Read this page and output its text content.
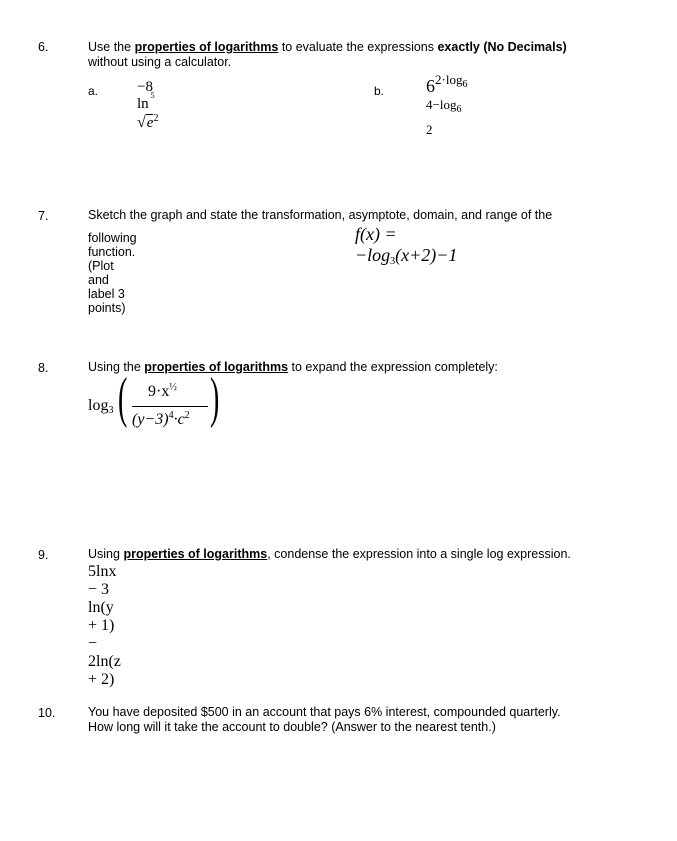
6.	Use the properties of logarithms to evaluate the expressions exactly (No Decimals)
without using a calculator.
a.	−8 ln
5
$√e^2$
b. $6^{2\cdot log_6 4-log_6 2}$
7.	Sketch the graph and state the transformation, asymptote, domain, and range of the
following function. (Plot and label 3 points)
$f(x) = -\log_3(x+2)-1$
8.	Using the properties of logarithms to expand the expression completely:
$\log_3$ ( )
$9\cdot x^{\frac{1}{2}}$
$(y-3)^4\cdot c^2$
9.	Using properties of logarithms, condense the expression into a single log expression.
5lnx − 3 ln(y + 1) − 2ln(z + 2)
10.	You have deposited $500 in an account that pays 6% interest, compounded quarterly.
How long will it take the account to double? (Answer to the nearest tenth.)
